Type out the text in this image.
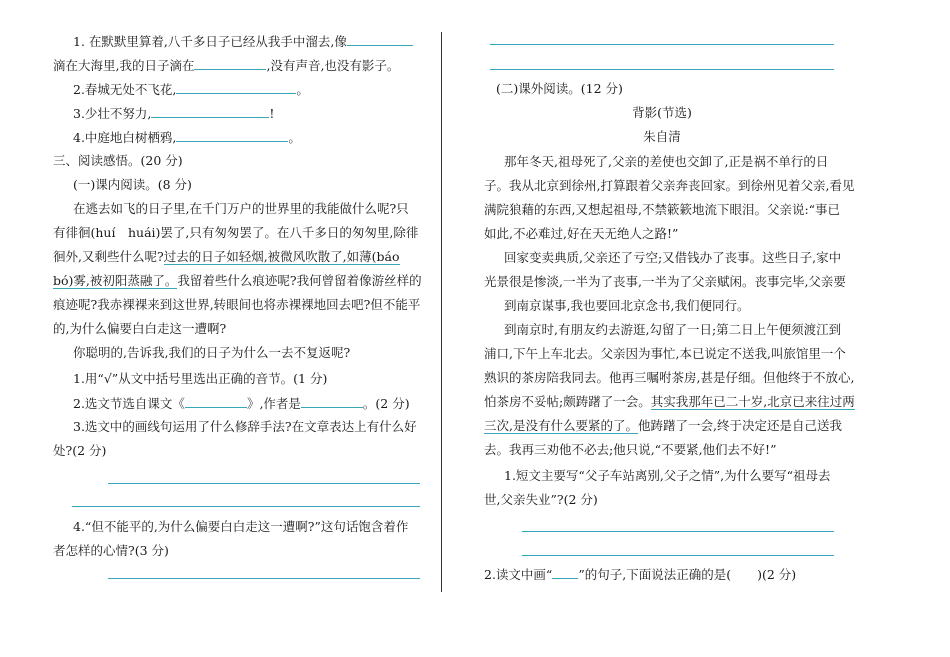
1. 在默默里算着,八千多日子已经从我手中溜去,像
滴在大海里,我的日子滴在	,没有声音,也没有影子。
2.春城无处不飞花,	。
3.少壮不努力,	!
4.中庭地白树栖鸦,	。
三、阅读感悟。(20 分)
(一)课内阅读。(8 分)
在逃去如飞的日子里,在千门万户的世界里的我能做什么呢?只
有徘徊(huí　huái)罢了,只有匆匆罢了。在八千多日的匆匆里,除徘
徊外,又剩些什么呢?过去的日子如轻烟,被微风吹散了,如薄(báo
bó)雾,被初阳蒸融了。我留着些什么痕迹呢?我何曾留着像游丝样的
痕迹呢?我赤裸裸来到这世界,转眼间也将赤裸裸地回去吧?但不能平
的,为什么偏要白白走这一遭啊?
你聪明的,告诉我,我们的日子为什么一去不复返呢?
1.用“√”从文中括号里选出正确的音节。(1 分)
2.选文节选自课文《	》,作者是	。(2 分)
3.选文中的画线句运用了什么修辞手法?在文章表达上有什么好
处?(2 分)
4.“但不能平的,为什么偏要白白走这一遭啊?”这句话饱含着作
者怎样的心情?(3 分)
(二)课外阅读。(12 分)
背影(节选)
朱自清
那年冬天,祖母死了,父亲的差使也交卸了,正是祸不单行的日
子。我从北京到徐州,打算跟着父亲奔丧回家。到徐州见着父亲,看见
满院狼藉的东西,又想起祖母,不禁簌簌地流下眼泪。父亲说:“事已
如此,不必难过,好在天无绝人之路!”
回家变卖典质,父亲还了亏空;又借钱办了丧事。这些日子,家中
光景很是惨淡,一半为了丧事,一半为了父亲赋闲。丧事完毕,父亲要
到南京谋事,我也要回北京念书,我们便同行。
到南京时,有朋友约去游逛,勾留了一日;第二日上午便须渡江到
浦口,下午上车北去。父亲因为事忙,本已说定不送我,叫旅馆里一个
熟识的茶房陪我同去。他再三嘱咐茶房,甚是仔细。但他终于不放心,
怕茶房不妥帖;颇踌躇了一会。其实我那年已二十岁,北京已来往过两
三次,是没有什么要紧的了。他踌躇了一会,终于决定还是自己送我
去。我再三劝他不必去;他只说,“不要紧,他们去不好!”
1.短文主要写“父子车站离别,父子之情”,为什么要写“祖母去
世,父亲失业”?(2 分)
2.读文中画“ ”的句子,下面说法正确的是( )(2 分)
